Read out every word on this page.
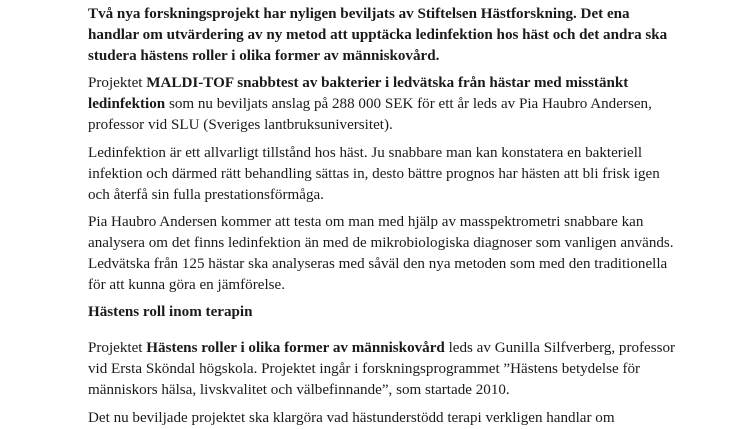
Två nya forskningsprojekt har nyligen beviljats av Stiftelsen Hästforskning. Det ena
handlar om utvärdering av ny metod att upptäcka ledinfektion hos häst och det andra ska
studera hästens roller i olika former av människovård.

Projektet MALDI-TOF snabbtest av bakterier i ledvätska från hästar med misstänkt
ledinfektion som nu beviljats anslag på 288 000 SEK för ett år leds av Pia Haubro Andersen,
professor vid SLU (Sveriges lantbruksuniversitet).

Ledinfektion är ett allvarligt tillstånd hos häst. Ju snabbare man kan konstatera en bakteriell
infektion och därmed rätt behandling sättas in, desto bättre prognos har hästen att bli frisk igen
och återfå sin fulla prestationsförmåga.

Pia Haubro Andersen kommer att testa om man med hjälp av masspektrometri snabbare kan
analysera om det finns ledinfektion än med de mikrobiologiska diagnoser som vanligen används.
Ledvätska från 125 hästar ska analyseras med såväl den nya metoden som med den traditionella
för att kunna göra en jämförelse.

Hästens roll inom terapin

Projektet Hästens roller i olika former av människovård leds av Gunilla Silfverberg, professor
vid Ersta Sköndal högskola. Projektet ingår i forskningsprogrammet ”Hästens betydelse för
människors hälsa, livskvalitet och välbefinnande”, som startade 2010.

Det nu beviljade projektet ska klargöra vad hästunderstödd terapi verkligen handlar om
